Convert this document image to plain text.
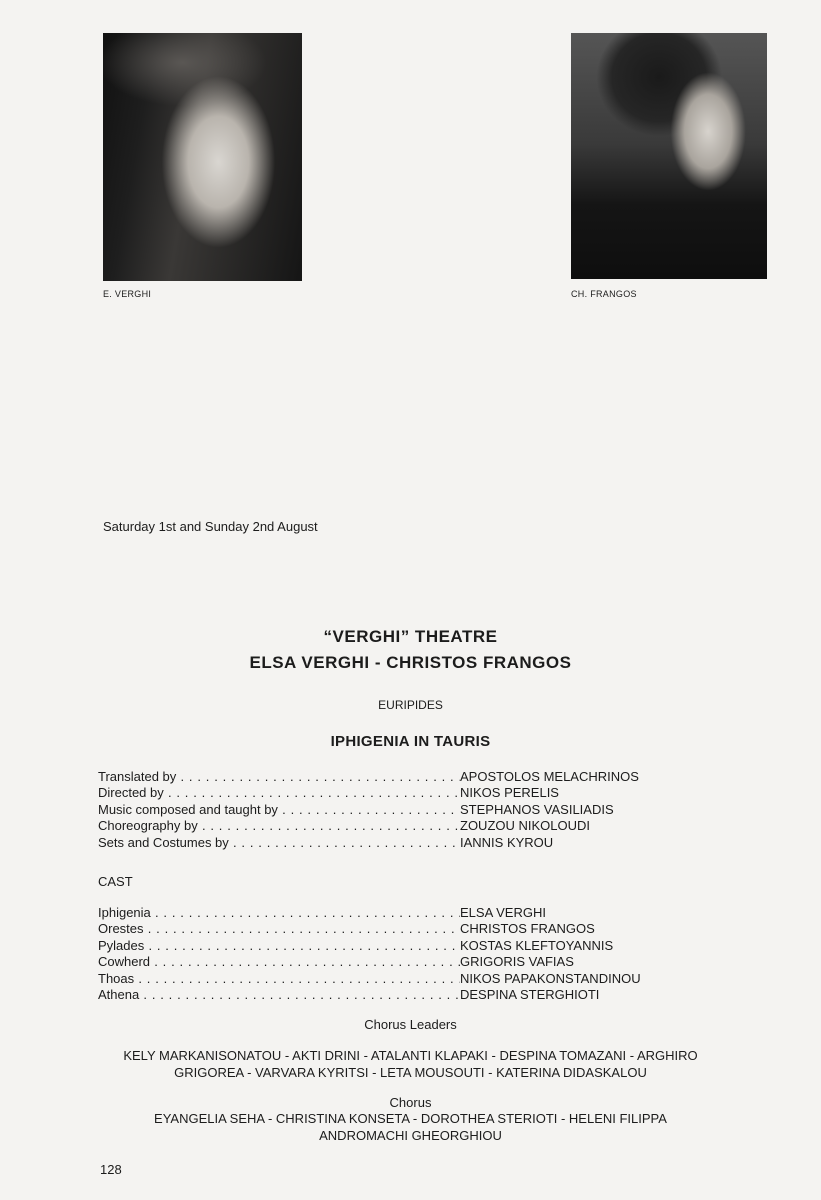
E. VERGHI	CH. FRANGOS
Saturday 1st and Sunday 2nd August
“VERGHI” THEATRE
ELSA VERGHI - CHRISTOS FRANGOS
EURIPIDES
IPHIGENIA IN TAURIS
Translated by . . .	APOSTOLOS MELACHRINOS
Directed by . . .	NIKOS PERELIS
Music composed and taught by . . .	STEPHANOS VASILIADIS
Choreography by . . .	ZOUZOU NIKOLOUDI
Sets and Costumes by . . .	IANNIS KYROU
CAST
Iphigenia . . .	ELSA VERGHI
Orestes . . .	CHRISTOS FRANGOS
Pylades . . .	KOSTAS KLEFTOYANNIS
Cowherd . . .	GRIGORIS VAFIAS
Thoas . . .	NIKOS PAPAKONSTANDINOU
Athena . . .	DESPINA STERGHIOTI
Chorus Leaders
KELY MARKANISONATOU - AKTI DRINI - ATALANTI KLAPAKI - DESPINA TOMAZANI - ARGHIRO
GRIGOREA - VARVARA KYRITSI - LETA MOUSOUTI - KATERINA DIDASKALOU
Chorus
EYANGELIA SEHA - CHRISTINA KONSETA - DOROTHEA STERIOTI - HELENI FILIPPA
ANDROMACHI GHEORGHIOU
128
